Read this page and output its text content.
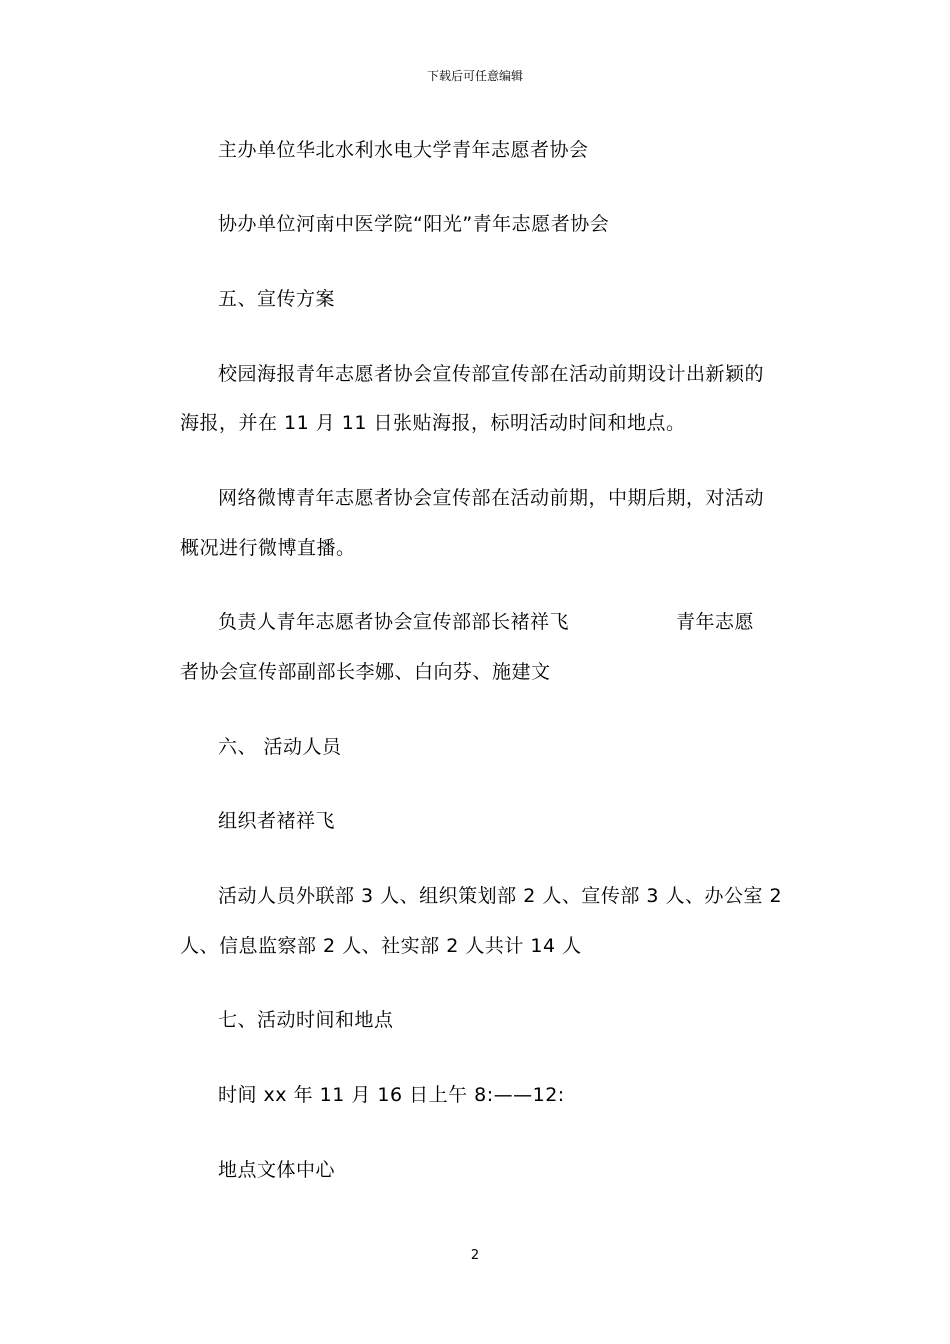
下载后可任意编辑
主办单位华北水利水电大学青年志愿者协会
协办单位河南中医学院“阳光”青年志愿者协会
五、宣传方案
校园海报青年志愿者协会宣传部宣传部在活动前期设计出新颖的
海报，并在 11 月 11 日张贴海报，标明活动时间和地点。
网络微博青年志愿者协会宣传部在活动前期，中期后期，对活动
概况进行微博直播。
负责人青年志愿者协会宣传部部长褚祥飞	青年志愿
者协会宣传部副部长李娜、白向芬、施建文
六、 活动人员
组织者褚祥飞
活动人员外联部 3 人、组织策划部 2 人、宣传部 3 人、办公室 2
人、信息监察部 2 人、社实部 2 人共计 14 人
七、活动时间和地点
时间 xx 年 11 月 16 日上午 8:——12:
地点文体中心
2
